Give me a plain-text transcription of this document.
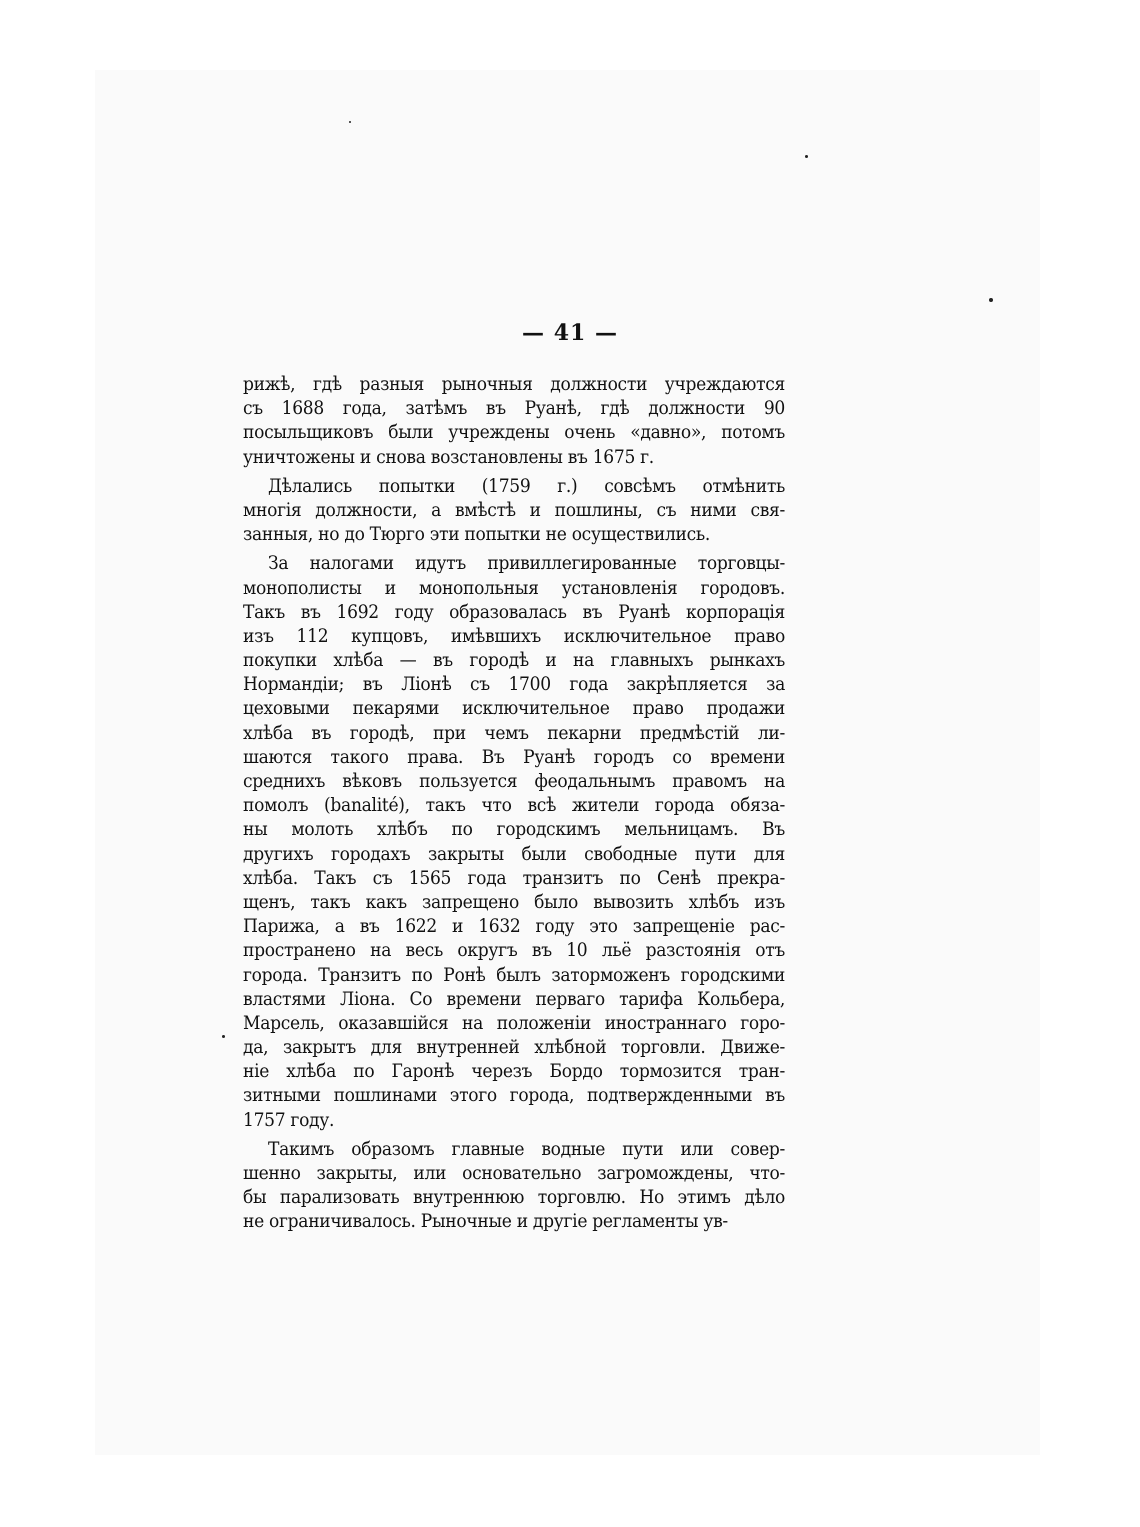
— 41 —
рижѣ, гдѣ разныя рыночныя должности учреждаются
съ 1688 года, затѣмъ въ Руанѣ, гдѣ должности 90
посыльщиковъ были учреждены очень «давно», потомъ
уничтожены и снова возстановлены въ 1675 г.
Дѣлались попытки (1759 г.) совсѣмъ отмѣнить
многія должности, а вмѣстѣ и пошлины, съ ними свя-
занныя, но до Тюрго эти попытки не осуществились.
За налогами идутъ привиллегированные торговцы-
монополисты и монопольныя установленія городовъ.
Такъ въ 1692 году образовалась въ Руанѣ корпорація
изъ 112 купцовъ, имѣвшихъ исключительное право
покупки хлѣба — въ городѣ и на главныхъ рынкахъ
Нормандіи; въ Ліонѣ съ 1700 года закрѣпляется за
цеховыми пекарями исключительное право продажи
хлѣба въ городѣ, при чемъ пекарни предмѣстій ли-
шаются такого права. Въ Руанѣ городъ со времени
среднихъ вѣковъ пользуется феодальнымъ правомъ на
помолъ (banalité), такъ что всѣ жители города обяза-
ны молоть хлѣбъ по городскимъ мельницамъ. Въ
другихъ городахъ закрыты были свободные пути для
хлѣба. Такъ съ 1565 года транзитъ по Сенѣ прекра-
щенъ, такъ какъ запрещено было вывозить хлѣбъ изъ
Парижа, а въ 1622 и 1632 году это запрещеніе рас-
пространено на весь округъ въ 10 льё разстоянія отъ
города. Транзитъ по Ронѣ былъ заторможенъ городскими
властями Ліона. Со времени перваго тарифа Кольбера,
Марсель, оказавшійся на положеніи иностраннаго горо-
да, закрытъ для внутренней хлѣбной торговли. Движе-
ніе хлѣба по Гаронѣ черезъ Бордо тормозится тран-
зитными пошлинами этого города, подтвержденными въ
1757 году.
Такимъ образомъ главные водные пути или совер-
шенно закрыты, или основательно загромождены, что-
бы парализовать внутреннюю торговлю. Но этимъ дѣло
не ограничивалось. Рыночные и другіе регламенты ув-
